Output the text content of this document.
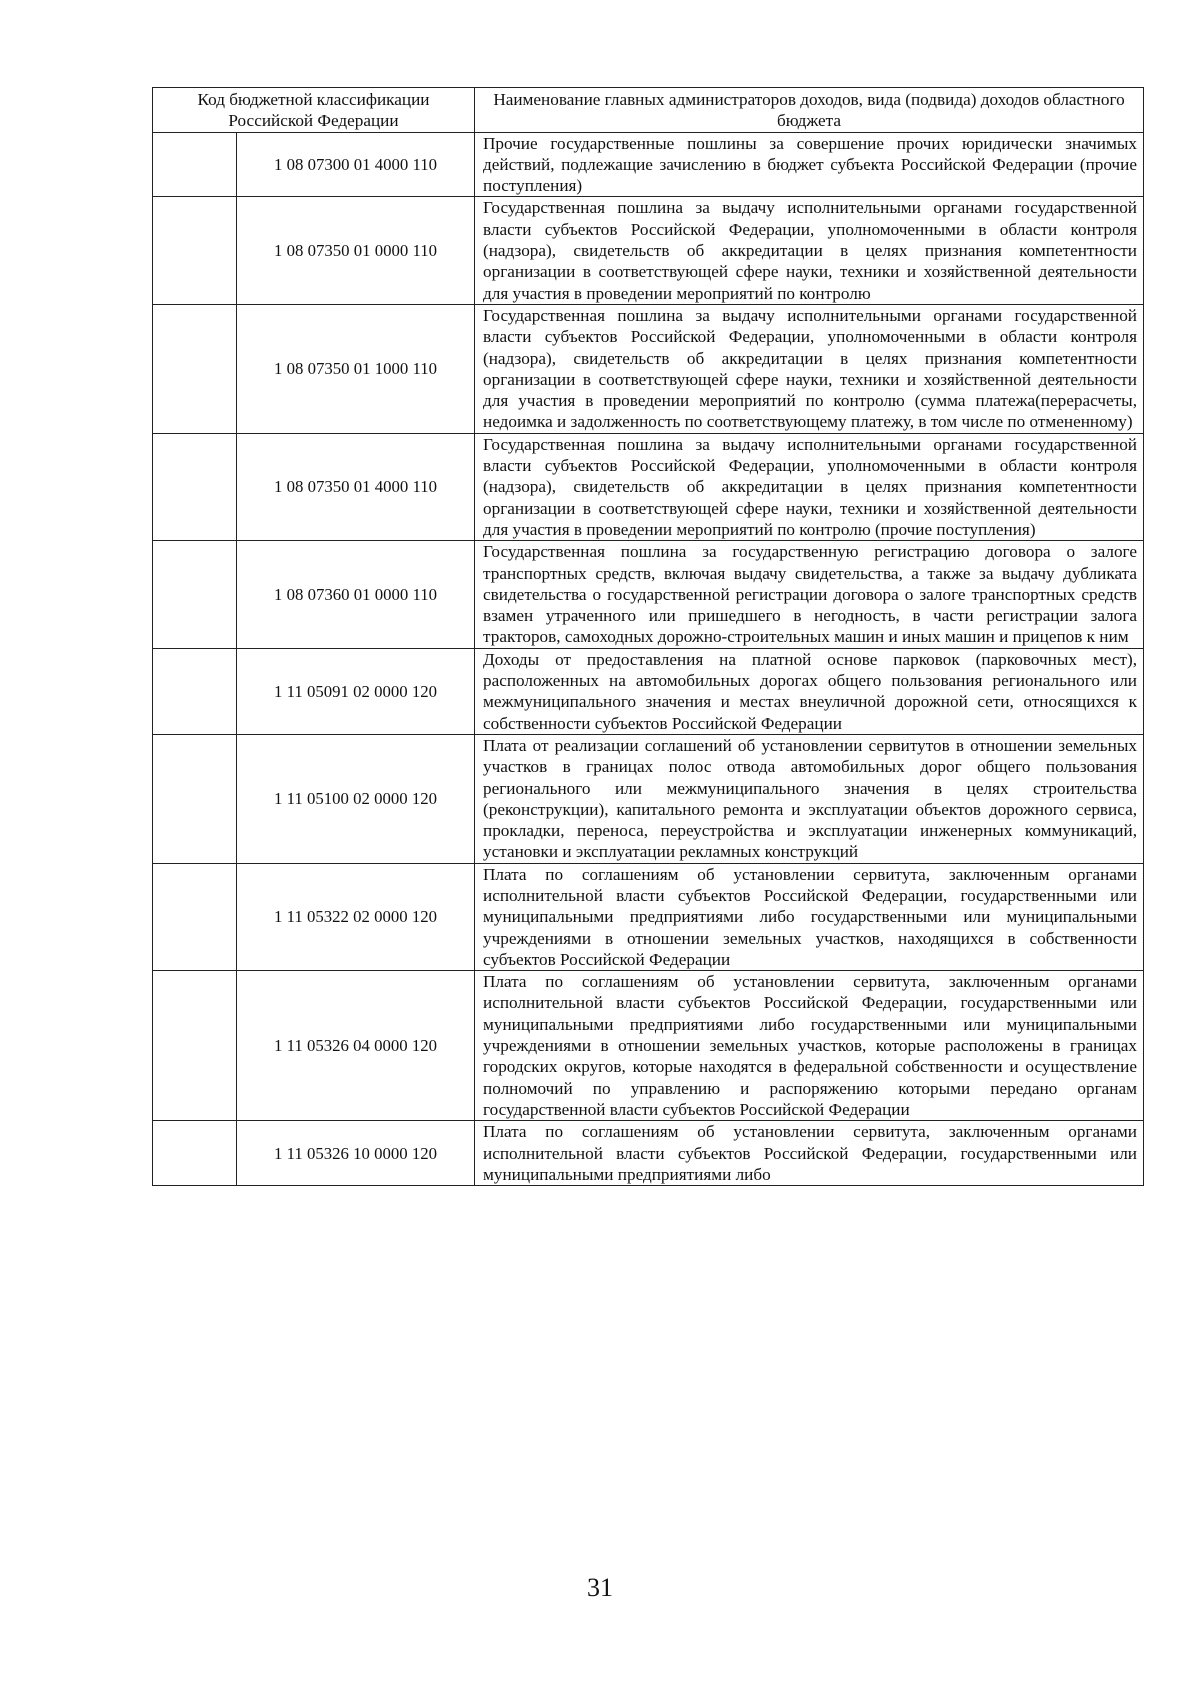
Код бюджетной классификации Российской Федерации		Наименование главных администраторов доходов, вида (подвида) доходов областного бюджета
	1 08 07300 01 4000 110	Прочие государственные пошлины за совершение прочих юридически значимых действий, подлежащие зачислению в бюджет субъекта Российской Федерации (прочие поступления)
	1 08 07350 01 0000 110	Государственная пошлина за выдачу исполнительными органами государственной власти субъектов Российской Федерации, уполномоченными в области контроля (надзора), свидетельств об аккредитации в целях признания компетентности организации в соответствующей сфере науки, техники и хозяйственной деятельности для участия в проведении мероприятий по контролю
	1 08 07350 01 1000 110	Государственная пошлина за выдачу исполнительными органами государственной власти субъектов Российской Федерации, уполномоченными в области контроля (надзора), свидетельств об аккредитации в целях признания компетентности организации в соответствующей сфере науки, техники и хозяйственной деятельности для участия в проведении мероприятий по контролю (сумма платежа(перерасчеты, недоимка и задолженность по соответствующему платежу, в том числе по отмененному)
	1 08 07350 01 4000 110	Государственная пошлина за выдачу исполнительными органами государственной власти субъектов Российской Федерации, уполномоченными в области контроля (надзора), свидетельств об аккредитации в целях признания компетентности организации в соответствующей сфере науки, техники и хозяйственной деятельности для участия в проведении мероприятий по контролю (прочие поступления)
	1 08 07360 01 0000 110	Государственная пошлина за государственную регистрацию договора о залоге транспортных средств, включая выдачу свидетельства, а также за выдачу дубликата свидетельства о государственной регистрации договора о залоге транспортных средств взамен утраченного или пришедшего в негодность, в части регистрации залога тракторов, самоходных дорожно-строительных машин и иных машин и прицепов к ним
	1 11 05091 02 0000 120	Доходы от предоставления на платной основе парковок (парковочных мест), расположенных на автомобильных дорогах общего пользования регионального или межмуниципального значения и местах внеуличной дорожной сети, относящихся к собственности субъектов Российской Федерации
	1 11 05100 02 0000 120	Плата от реализации соглашений об установлении сервитутов в отношении земельных участков в границах полос отвода автомобильных дорог общего пользования регионального или межмуниципального значения в целях строительства (реконструкции), капитального ремонта и эксплуатации объектов дорожного сервиса, прокладки, переноса, переустройства и эксплуатации инженерных коммуникаций, установки и эксплуатации рекламных конструкций
	1 11 05322 02 0000 120	Плата по соглашениям об установлении сервитута, заключенным органами исполнительной власти субъектов Российской Федерации, государственными или муниципальными предприятиями либо государственными или муниципальными учреждениями в отношении земельных участков, находящихся в собственности субъектов Российской Федерации
	1 11 05326 04 0000 120	Плата по соглашениям об установлении сервитута, заключенным органами исполнительной власти субъектов Российской Федерации, государственными или муниципальными предприятиями либо государственными или муниципальными учреждениями в отношении земельных участков, которые расположены в границах городских округов, которые находятся в федеральной собственности и осуществление полномочий по управлению и распоряжению которыми передано органам государственной власти субъектов Российской Федерации
	1 11 05326 10 0000 120	Плата по соглашениям об установлении сервитута, заключенным органами исполнительной власти субъектов Российской Федерации, государственными или муниципальными предприятиями либо
31
